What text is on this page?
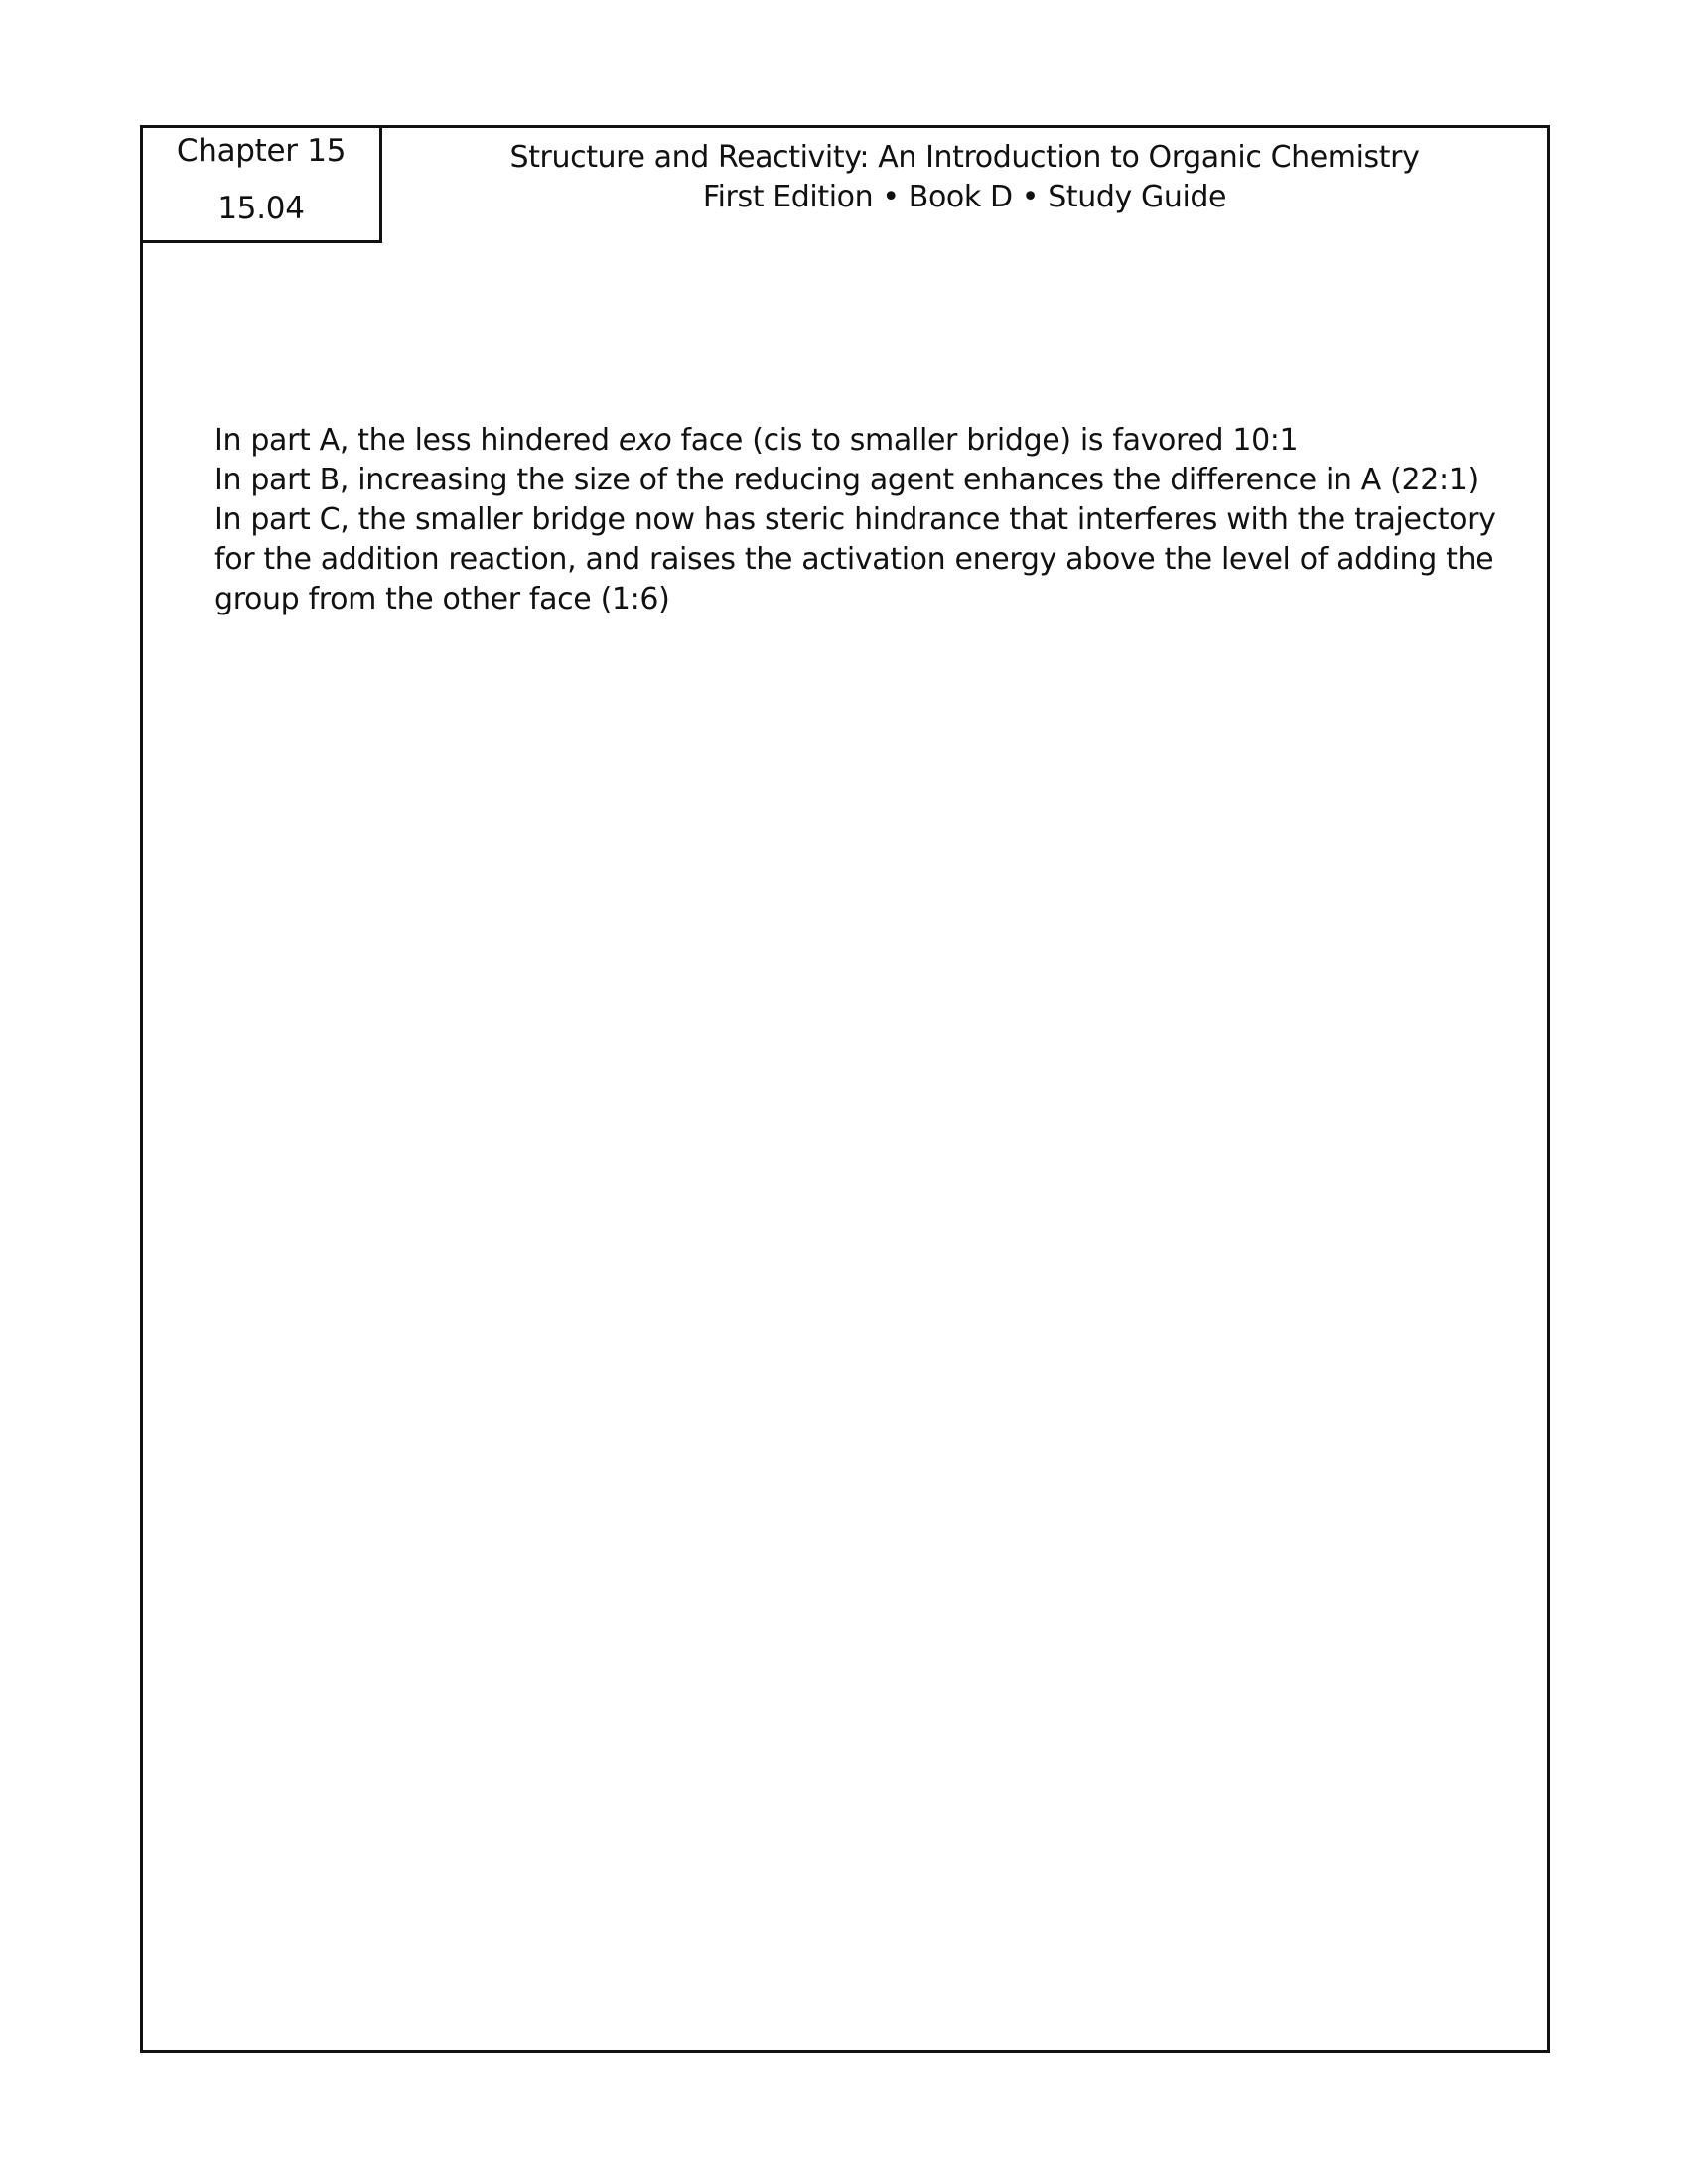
Chapter 15
15.04
Structure and Reactivity: An Introduction to Organic Chemistry
First Edition • Book D • Study Guide

In part A, the less hindered exo face (cis to smaller bridge) is favored 10:1

In part B, increasing the size of the reducing agent enhances the difference in A (22:1)

In part C, the smaller bridge now has steric hindrance that interferes with the trajectory

for the addition reaction, and raises the activation energy above the level of adding the

group from the other face (1:6)
